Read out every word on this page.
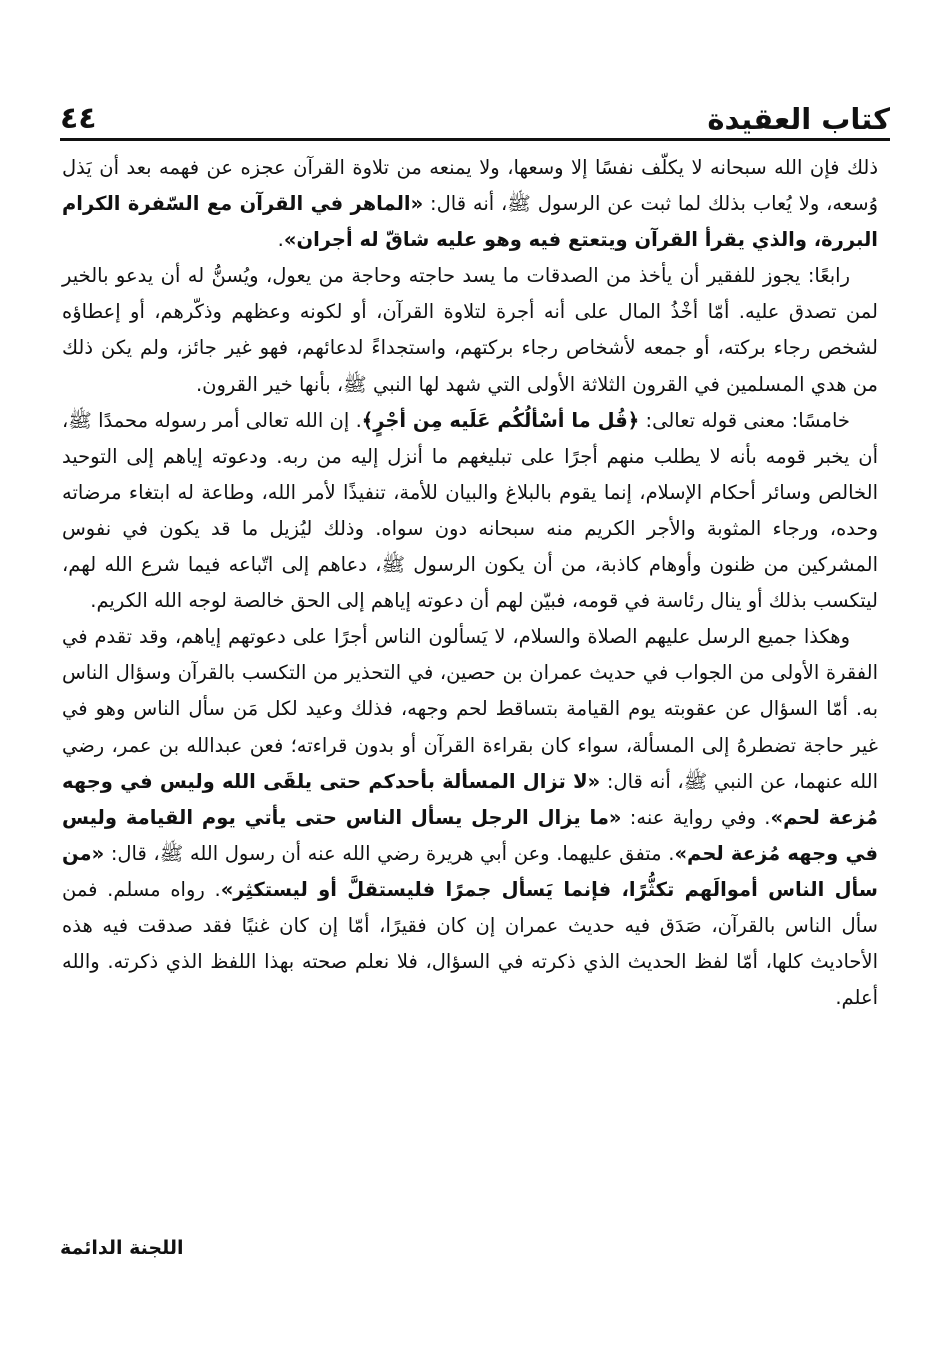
كتاب العقيدة
٤٤

ذلك فإن الله سبحانه لا يكلّف نفسًا إلا وسعها، ولا يمنعه من تلاوة القرآن عجزه عن فهمه بعد أن يَذل وُسعه، ولا يُعاب بذلك لما ثبت عن الرسول ﷺ، أنه قال: «الماهر في القرآن مع السّفرة الكرام البررة، والذي يقرأ القرآن ويتعتع فيه وهو عليه شاقّ له أجران».

رابعًا: يجوز للفقير أن يأخذ من الصدقات ما يسد حاجته وحاجة من يعول، ويُسنُّ له أن يدعو بالخير لمن تصدق عليه. أمّا أخْذُ المال على أنه أجرة لتلاوة القرآن، أو لكونه وعظهم وذكّرهم، أو إعطاؤه لشخص رجاء بركته، أو جمعه لأشخاص رجاء بركتهم، واستجداءً لدعائهم، فهو غير جائز، ولم يكن ذلك من هدي المسلمين في القرون الثلاثة الأولى التي شهد لها النبي ﷺ، بأنها خير القرون.

خامسًا: معنى قوله تعالى: ﴿قُل ما أسْألُكُم عَلَيه مِن أجْرٍ﴾. إن الله تعالى أمر رسوله محمدًا ﷺ، أن يخبر قومه بأنه لا يطلب منهم أجرًا على تبليغهم ما أنزل إليه من ربه. ودعوته إياهم إلى التوحيد الخالص وسائر أحكام الإسلام، إنما يقوم بالبلاغ والبيان للأمة، تنفيذًا لأمر الله، وطاعة له ابتغاء مرضاته وحده، ورجاء المثوبة والأجر الكريم منه سبحانه دون سواه. وذلك ليُزيل ما قد يكون في نفوس المشركين من ظنون وأوهام كاذبة، من أن يكون الرسول ﷺ، دعاهم إلى اتّباعه فيما شرع الله لهم، ليتكسب بذلك أو ينال رئاسة في قومه، فبيّن لهم أن دعوته إياهم إلى الحق خالصة لوجه الله الكريم.

وهكذا جميع الرسل عليهم الصلاة والسلام، لا يَسألون الناس أجرًا على دعوتهم إياهم، وقد تقدم في الفقرة الأولى من الجواب في حديث عمران بن حصين، في التحذير من التكسب بالقرآن وسؤال الناس به. أمّا السؤال عن عقوبته يوم القيامة بتساقط لحم وجهه، فذلك وعيد لكل مَن سأل الناس وهو في غير حاجة تضطرهُ إلى المسألة، سواء كان بقراءة القرآن أو بدون قراءته؛ فعن عبدالله بن عمر، رضي الله عنهما، عن النبي ﷺ، أنه قال: «لا تزال المسألة بأحدكم حتى يلقَى الله وليس في وجهه مُزعة لحم». وفي رواية عنه: «ما يزال الرجل يسأل الناس حتى يأتي يوم القيامة وليس في وجهه مُزعة لحم». متفق عليهما. وعن أبي هريرة رضي الله عنه أن رسول الله ﷺ، قال: «من سأل الناس أموالَهم تكثُّرًا، فإنما يَسأل جمرًا فليستقلَّ أو ليستكثِر». رواه مسلم. فمن سأل الناس بالقرآن، صَدَق فيه حديث عمران إن كان فقيرًا، أمّا إن كان غنيًا فقد صدقت فيه هذه الأحاديث كلها، أمّا لفظ الحديث الذي ذكرته في السؤال، فلا نعلم صحته بهذا اللفظ الذي ذكرته. والله أعلم.

اللجنة الدائمة
